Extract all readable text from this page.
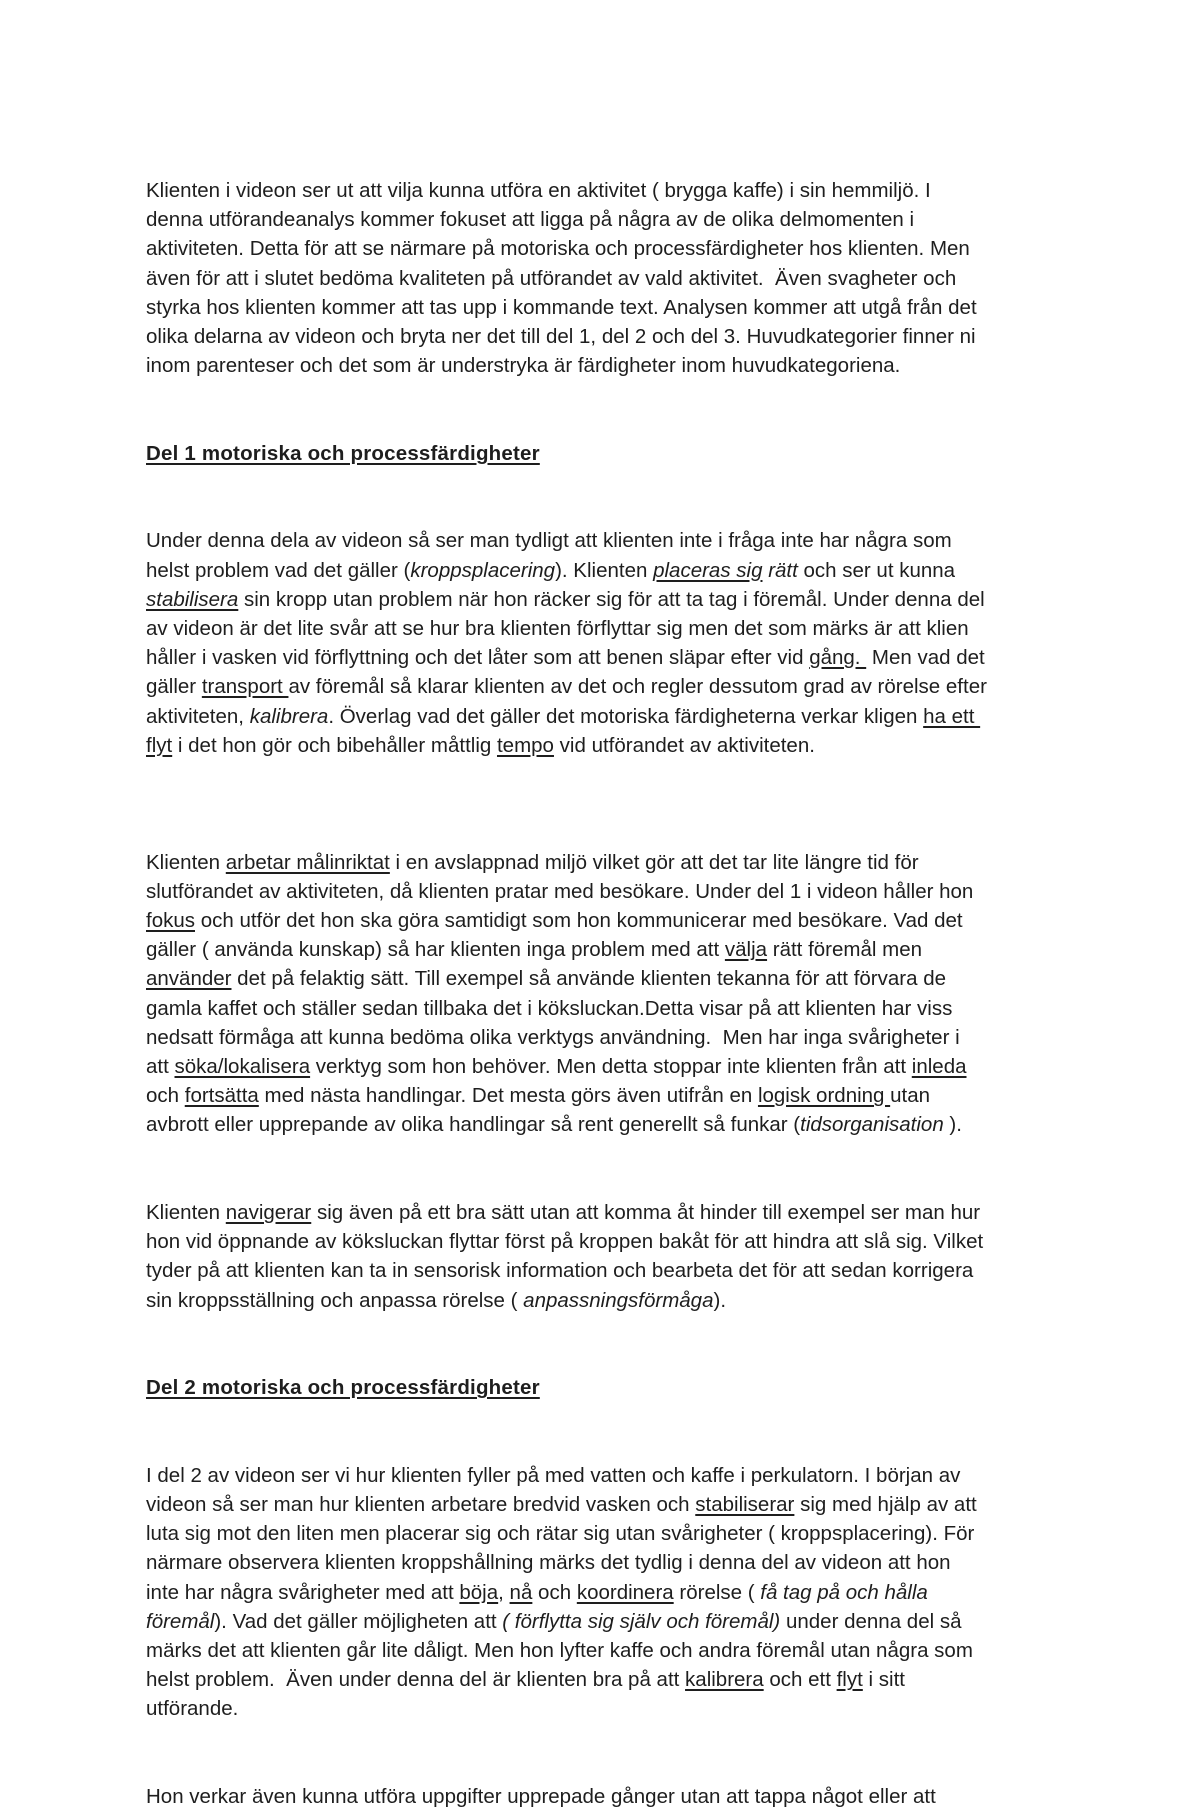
Klienten i videon ser ut att vilja kunna utföra en aktivitet ( brygga kaffe) i sin hemmiljö. I

denna utförandeanalys kommer fokuset att ligga på några av de olika delmomenten i

aktiviteten. Detta för att se närmare på motoriska och processfärdigheter hos klienten. Men

även för att i slutet bedöma kvaliteten på utförandet av vald aktivitet.  Även svagheter och

styrka hos klienten kommer att tas upp i kommande text. Analysen kommer att utgå från det

olika delarna av videon och bryta ner det till del 1, del 2 och del 3. Huvudkategorier finner ni

inom parenteser och det som är understryka är färdigheter inom huvudkategoriena.

Del 1 motoriska och processfärdigheter

Under denna dela av videon så ser man tydligt att klienten inte i fråga inte har några som

helst problem vad det gäller (kroppsplacering). Klienten placeras sig rätt och ser ut kunna

stabilisera sin kropp utan problem när hon räcker sig för att ta tag i föremål. Under denna del

av videon är det lite svår att se hur bra klienten förflyttar sig men det som märks är att klien

håller i vasken vid förflyttning och det låter som att benen släpar efter vid gång.  Men vad det

gäller transport av föremål så klarar klienten av det och regler dessutom grad av rörelse efter

aktiviteten, kalibrera. Överlag vad det gäller det motoriska färdigheterna verkar kligen ha ett

flyt i det hon gör och bibehåller måttlig tempo vid utförandet av aktiviteten.

Klienten arbetar målinriktat i en avslappnad miljö vilket gör att det tar lite längre tid för

slutförandet av aktiviteten, då klienten pratar med besökare. Under del 1 i videon håller hon

fokus och utför det hon ska göra samtidigt som hon kommunicerar med besökare. Vad det

gäller ( använda kunskap) så har klienten inga problem med att välja rätt föremål men

använder det på felaktig sätt. Till exempel så använde klienten tekanna för att förvara de

gamla kaffet och ställer sedan tillbaka det i köksluckan.Detta visar på att klienten har viss

nedsatt förmåga att kunna bedöma olika verktygs användning.  Men har inga svårigheter i

att söka/lokalisera verktyg som hon behöver. Men detta stoppar inte klienten från att inleda

och fortsätta med nästa handlingar. Det mesta görs även utifrån en logisk ordning utan

avbrott eller upprepande av olika handlingar så rent generellt så funkar (tidsorganisation ).

Klienten navigerar sig även på ett bra sätt utan att komma åt hinder till exempel ser man hur

hon vid öppnande av köksluckan flyttar först på kroppen bakåt för att hindra att slå sig. Vilket

tyder på att klienten kan ta in sensorisk information och bearbeta det för att sedan korrigera

sin kroppsställning och anpassa rörelse ( anpassningsförmåga).

Del 2 motoriska och processfärdigheter

I del 2 av videon ser vi hur klienten fyller på med vatten och kaffe i perkulatorn. I början av

videon så ser man hur klienten arbetare bredvid vasken och stabiliserar sig med hjälp av att

luta sig mot den liten men placerar sig och rätar sig utan svårigheter ( kroppsplacering). För

närmare observera klienten kroppshållning märks det tydlig i denna del av videon att hon

inte har några svårigheter med att böja, nå och koordinera rörelse ( få tag på och hålla

föremål). Vad det gäller möjligheten att ( förflytta sig själv och föremål) under denna del så

märks det att klienten går lite dåligt. Men hon lyfter kaffe och andra föremål utan några som

helst problem.  Även under denna del är klienten bra på att kalibrera och ett flyt i sitt

utförande.

Hon verkar även kunna utföra uppgifter upprepade gånger utan att tappa något eller att
